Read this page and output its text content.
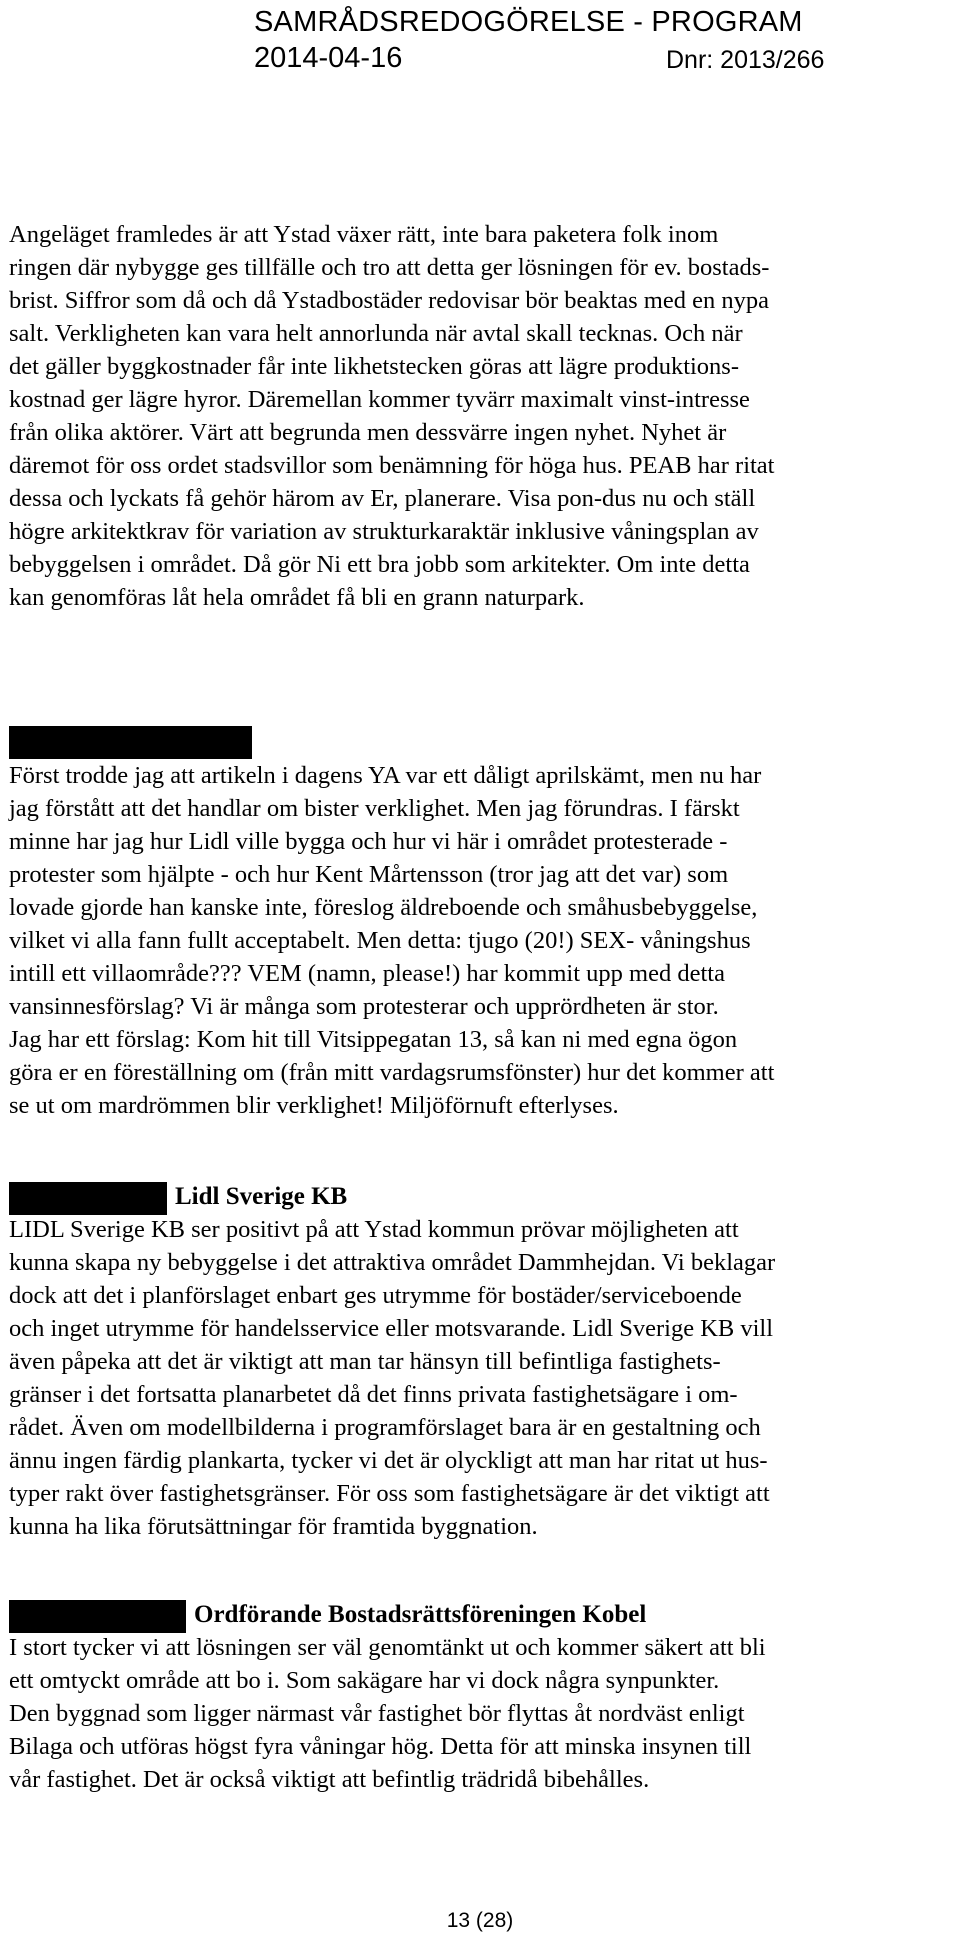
SAMRÅDSREDOGÖRELSE - PROGRAM
2014-04-16	Dnr: 2013/266
Angeläget framledes är att Ystad växer rätt, inte bara paketera folk inom
ringen där nybygge ges tillfälle och tro att detta ger lösningen för ev. bostads-
brist. Siffror som då och då Ystadbostäder redovisar bör beaktas med en nypa
salt. Verkligheten kan vara helt annorlunda när avtal skall tecknas. Och när
det gäller byggkostnader får inte likhetstecken göras att lägre produktions-
kostnad ger lägre hyror. Däremellan kommer tyvärr maximalt vinst-intresse
från olika aktörer. Värt att begrunda men dessvärre ingen nyhet. Nyhet är
däremot för oss ordet stadsvillor som benämning för höga hus. PEAB har ritat
dessa och lyckats få gehör härom av Er, planerare. Visa pon-dus nu och ställ
högre arkitektkrav för variation av strukturkaraktär inklusive våningsplan av
bebyggelsen i området. Då gör Ni ett bra jobb som arkitekter. Om inte detta
kan genomföras låt hela området få bli en grann naturpark.
Först trodde jag att artikeln i dagens YA var ett dåligt aprilskämt, men nu har
jag förstått att det handlar om bister verklighet. Men jag förundras. I färskt
minne har jag hur Lidl ville bygga och hur vi här i området protesterade -
protester som hjälpte - och hur Kent Mårtensson (tror jag att det var) som
lovade gjorde han kanske inte, föreslog äldreboende och småhusbebyggelse,
vilket vi alla fann fullt acceptabelt. Men detta: tjugo (20!) SEX- våningshus
intill ett villaområde??? VEM (namn, please!) har kommit upp med detta
vansinnesförslag? Vi är många som protesterar och upprördheten är stor.
Jag har ett förslag: Kom hit till Vitsippegatan 13, så kan ni med egna ögon
göra er en föreställning om (från mitt vardagsrumsfönster) hur det kommer att
se ut om mardrömmen blir verklighet! Miljöförnuft efterlyses.
Lidl Sverige KB
LIDL Sverige KB ser positivt på att Ystad kommun prövar möjligheten att
kunna skapa ny bebyggelse i det attraktiva området Dammhejdan. Vi beklagar
dock att det i planförslaget enbart ges utrymme för bostäder/serviceboende
och inget utrymme för handelsservice eller motsvarande. Lidl Sverige KB vill
även påpeka att det är viktigt att man tar hänsyn till befintliga fastighets-
gränser i det fortsatta planarbetet då det finns privata fastighetsägare i om-
rådet. Även om modellbilderna i programförslaget bara är en gestaltning och
ännu ingen färdig plankarta, tycker vi det är olyckligt att man har ritat ut hus-
typer rakt över fastighetsgränser. För oss som fastighetsägare är det viktigt att
kunna ha lika förutsättningar för framtida byggnation.
Ordförande Bostadsrättsföreningen Kobel
I stort tycker vi att lösningen ser väl genomtänkt ut och kommer säkert att bli
ett omtyckt område att bo i. Som sakägare har vi dock några synpunkter.
Den byggnad som ligger närmast vår fastighet bör flyttas åt nordväst enligt
Bilaga och utföras högst fyra våningar hög. Detta för att minska insynen till
vår fastighet. Det är också viktigt att befintlig trädridå bibehålles.
13 (28)
